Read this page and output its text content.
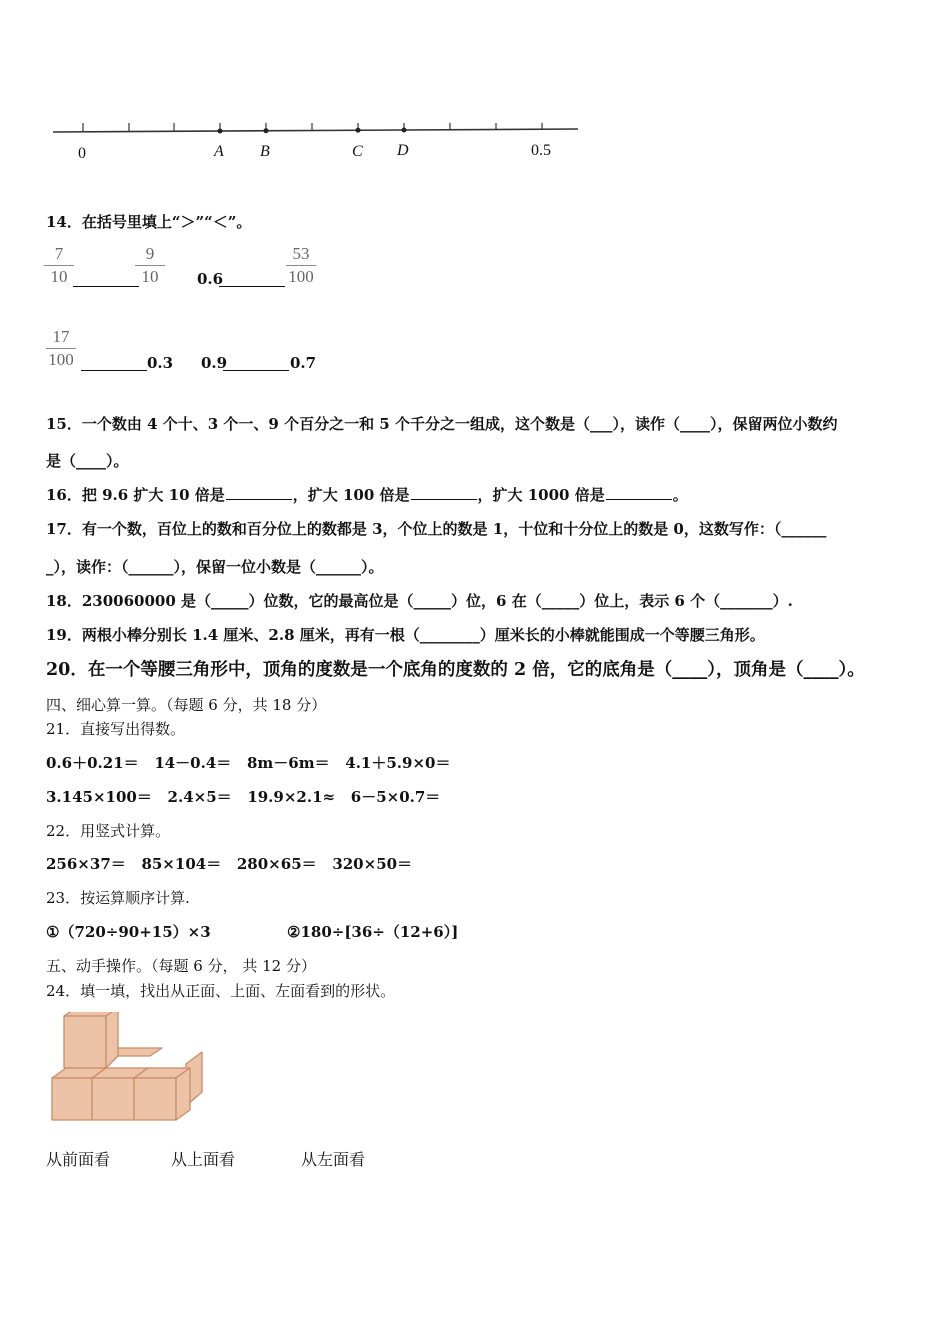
0	A B	C D	0.5
14．在括号里填上“＞”“＜”。
$\frac{7}{10}$	$\frac{9}{10} 0.6$	$\frac{53}{100}$
$\frac{17}{100}$	0.3 0.9	0.7
15．一个数由 4 个十、3 个一、9 个百分之一和 5 个千分之一组成，这个数是（___），读作（____），保留两位小数约
是（____）。
16．把 9.6 扩大 10 倍是	，扩大 100 倍是	，扩大 1000 倍是	。
17．有一个数，百位上的数和百分位上的数都是 3，个位上的数是 1，十位和十分位上的数是 0，这数写作：（______
_），读作：（______），保留一位小数是（______）。
18．230060000 是（_____）位数，它的最高位是（_____）位，6 在（_____）位上，表示 6 个（_______）.
19．两根小棒分别长 1.4 厘米、2.8 厘米，再有一根（________）厘米长的小棒就能围成一个等腰三角形。
20．在一个等腰三角形中，顶角的度数是一个底角的度数的 2 倍，它的底角是（____），顶角是（____）。
四、细心算一算。（每题 6 分，共 18 分）
21．直接写出得数。
0.6＋0.21＝ 14－0.4＝ 8m－6m＝ 4.1＋5.9×0＝
3.145×100＝ 2.4×5＝ 19.9×2.1≈ 6－5×0.7＝
22．用竖式计算。
256×37＝ 85×104＝ 280×65＝ 320×50＝
23．按运算顺序计算.
①（720÷90+15）×3	②180÷[36÷（12+6）]
五、动手操作。（每题 6 分， 共 12 分）
24．填一填，找出从正面、上面、左面看到的形状。
从前面看	从上面看	从左面看
